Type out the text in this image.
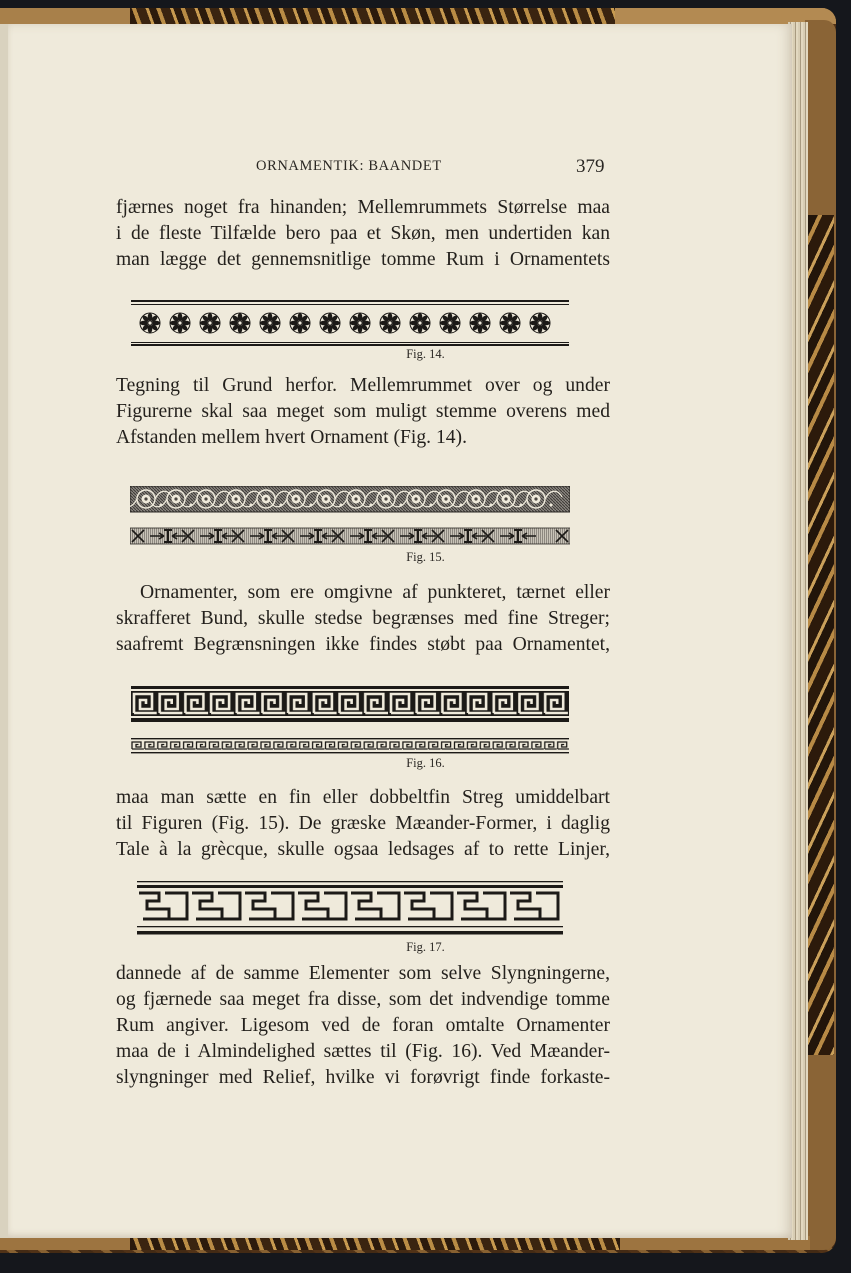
ORNAMENTIK: BAANDET	379
fjærnes noget fra hinanden; Mellemrummets Størrelse maa
i de fleste Tilfælde bero paa et Skøn, men undertiden kan
man lægge det gennemsnitlige tomme Rum i Ornamentets
Fig. 14.
Tegning til Grund herfor. Mellemrummet over og under
Figurerne skal saa meget som muligt stemme overens med
Afstanden mellem hvert Ornament (Fig. 14).
Fig. 15.
Ornamenter, som ere omgivne af punkteret, tærnet eller
skrafferet Bund, skulle stedse begrænses med fine Streger;
saafremt Begrænsningen ikke findes støbt paa Ornamentet,
Fig. 16.
maa man sætte en fin eller dobbeltfin Streg umiddelbart
til Figuren (Fig. 15). De græske Mæander-Former, i daglig
Tale à la grècque, skulle ogsaa ledsages af to rette Linjer,
Fig. 17.
dannede af de samme Elementer som selve Slyngningerne,
og fjærnede saa meget fra disse, som det indvendige tomme
Rum angiver. Ligesom ved de foran omtalte Ornamenter
maa de i Almindelighed sættes til (Fig. 16). Ved Mæander-
slyngninger med Relief, hvilke vi forøvrigt finde forkaste-
